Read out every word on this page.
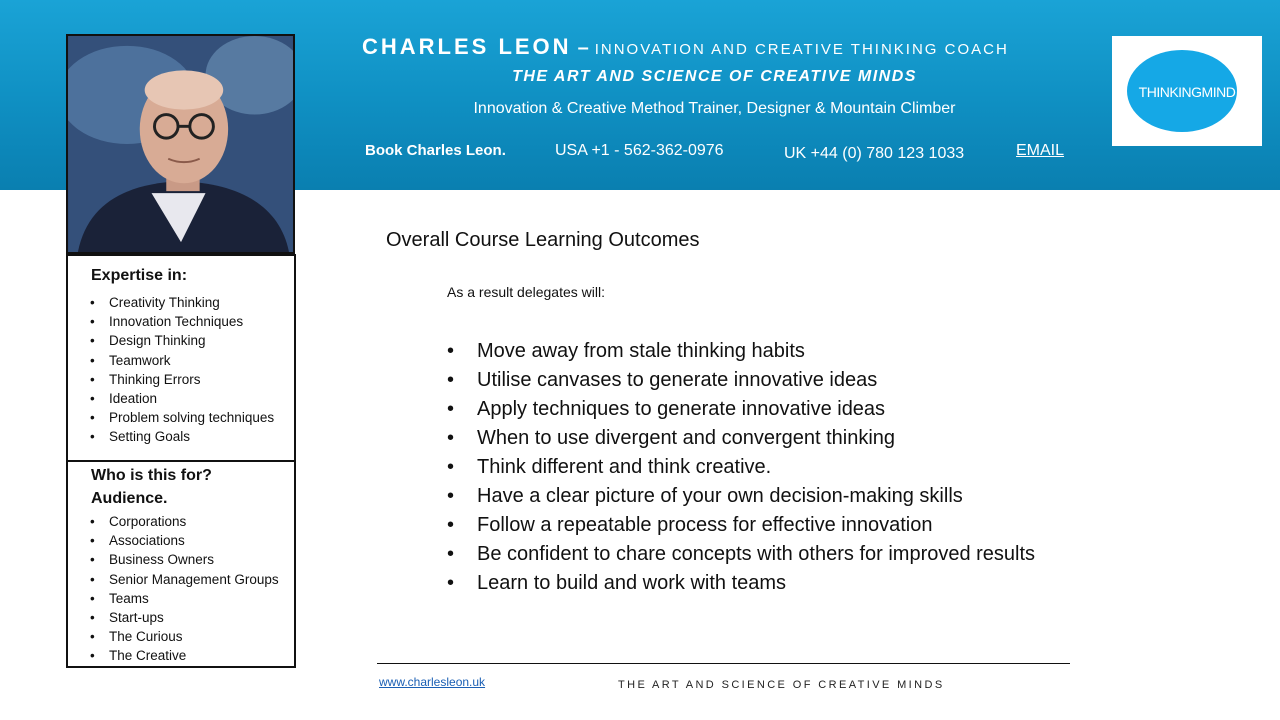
CHARLES LEON – INNOVATION AND CREATIVE THINKING COACH
THE ART AND SCIENCE OF CREATIVE MINDS
Innovation & Creative Method Trainer, Designer & Mountain Climber
Book Charles Leon.	USA +1 - 562-362-0976	UK +44 (0) 780 123 1033	EMAIL
THINKINGMIND
Expertise in:
• Creativity Thinking
• Innovation Techniques
• Design Thinking
• Teamwork
• Thinking Errors
• Ideation
• Problem solving techniques
• Setting Goals
Who is this for?
Audience.
• Corporations
• Associations
• Business Owners
• Senior Management Groups
• Teams
• Start-ups
• The Curious
• The Creative
Overall Course Learning Outcomes
As a result delegates will:
• Move away from stale thinking habits
• Utilise canvases to generate innovative ideas
• Apply techniques to generate innovative ideas
• When to use divergent and convergent thinking
• Think different and think creative.
• Have a clear picture of your own decision-making skills
• Follow a repeatable process for effective innovation
• Be confident to chare concepts with others for improved results
• Learn to build and work with teams
www.charlesleon.uk	THE ART AND SCIENCE OF CREATIVE MINDS
